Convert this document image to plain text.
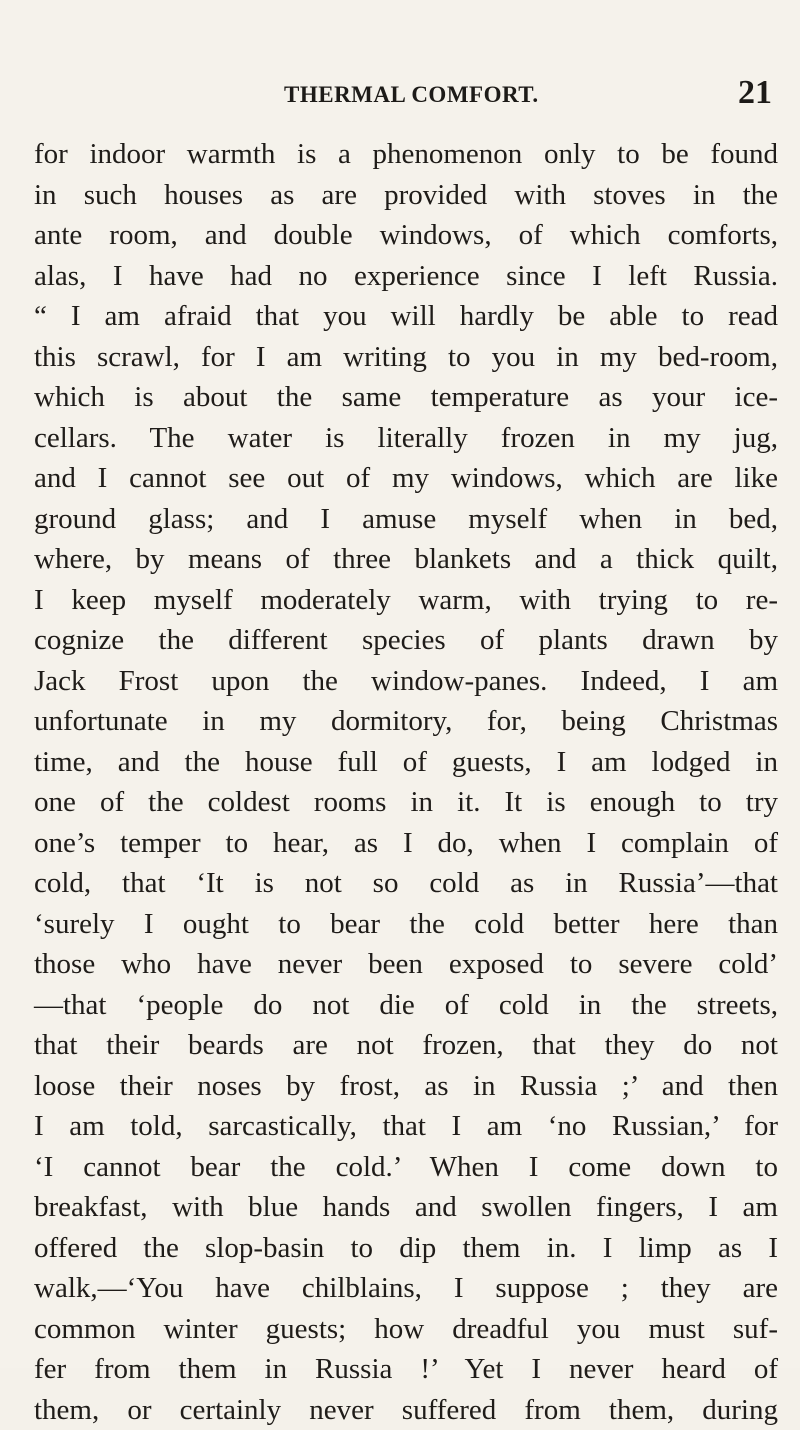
THERMAL COMFORT.	21
for indoor warmth is a phenomenon only to be found
in such houses as are provided with stoves in the
ante room, and double windows, of which comforts,
alas, I have had no experience since I left Russia.
“ I am afraid that you will hardly be able to read
this scrawl, for I am writing to you in my bed-room,
which is about the same temperature as your ice-
cellars. The water is literally frozen in my jug,
and I cannot see out of my windows, which are like
ground glass; and I amuse myself when in bed,
where, by means of three blankets and a thick quilt,
I keep myself moderately warm, with trying to re-
cognize the different species of plants drawn by
Jack Frost upon the window-panes. Indeed, I am
unfortunate in my dormitory, for, being Christmas
time, and the house full of guests, I am lodged in
one of the coldest rooms in it. It is enough to try
one’s temper to hear, as I do, when I complain of
cold, that ‘It is not so cold as in Russia’—that
‘surely I ought to bear the cold better here than
those who have never been exposed to severe cold’
—that ‘people do not die of cold in the streets,
that their beards are not frozen, that they do not
loose their noses by frost, as in Russia ;’ and then
I am told, sarcastically, that I am ‘no Russian,’ for
‘I cannot bear the cold.’ When I come down to
breakfast, with blue hands and swollen fingers, I am
offered the slop-basin to dip them in. I limp as I
walk,—‘You have chilblains, I suppose ; they are
common winter guests; how dreadful you must suf-
fer from them in Russia !’ Yet I never heard of
them, or certainly never suffered from them, during
